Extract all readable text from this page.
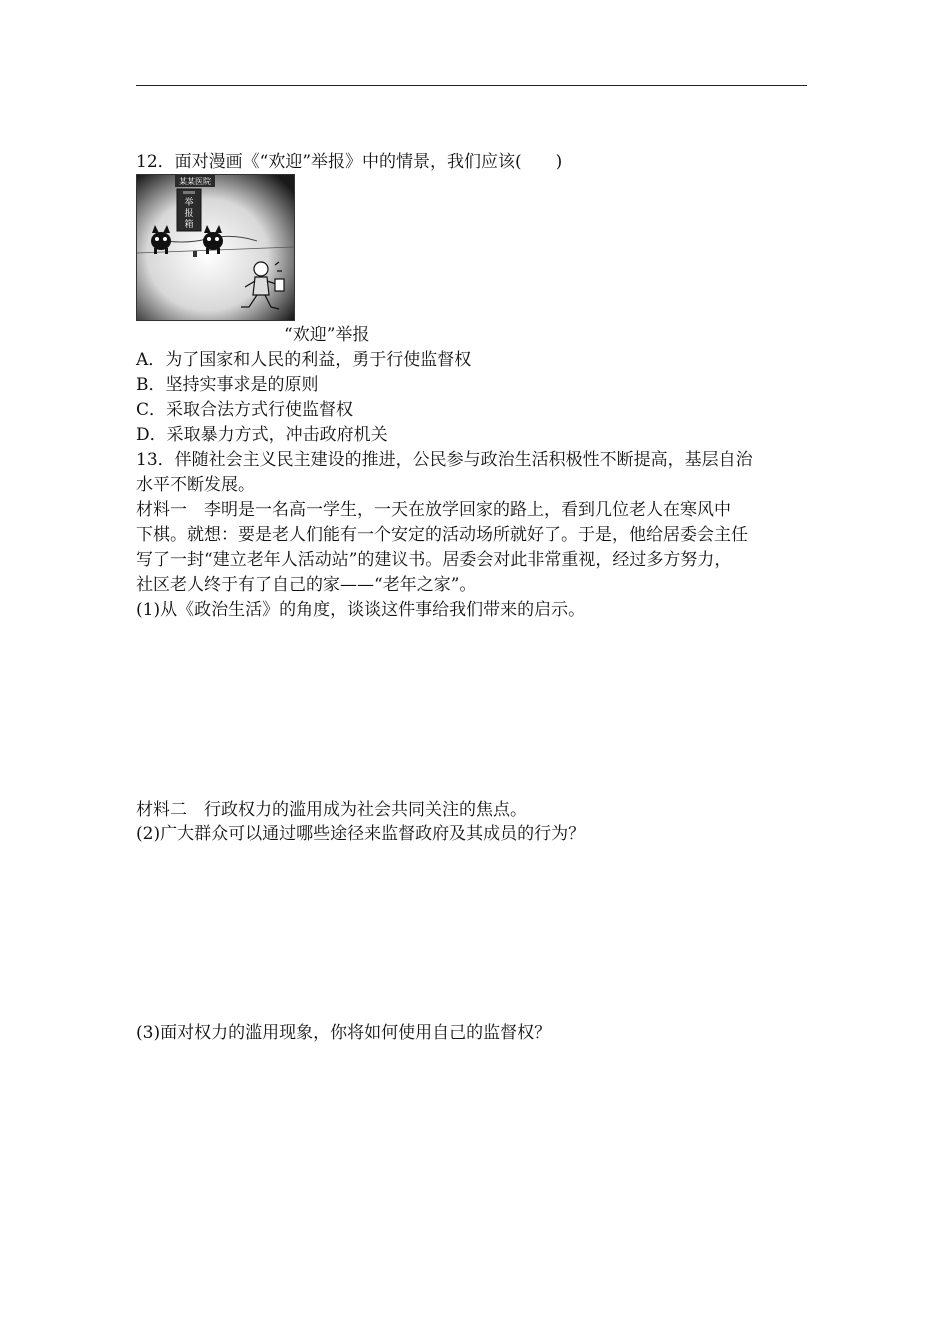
12．面对漫画《“欢迎”举报》中的情景，我们应该(　　)
某某医院
举
报
箱
“欢迎”举报
A．为了国家和人民的利益，勇于行使监督权
B．坚持实事求是的原则
C．采取合法方式行使监督权
D．采取暴力方式，冲击政府机关
13．伴随社会主义民主建设的推进，公民参与政治生活积极性不断提高，基层自治
水平不断发展。
材料一　李明是一名高一学生，一天在放学回家的路上，看到几位老人在寒风中
下棋。就想：要是老人们能有一个安定的活动场所就好了。于是，他给居委会主任
写了一封“建立老年人活动站”的建议书。居委会对此非常重视，经过多方努力，
社区老人终于有了自己的家——“老年之家”。
(1)从《政治生活》的角度，谈谈这件事给我们带来的启示。
材料二　行政权力的滥用成为社会共同关注的焦点。
(2)广大群众可以通过哪些途径来监督政府及其成员的行为？
(3)面对权力的滥用现象，你将如何使用自己的监督权？
